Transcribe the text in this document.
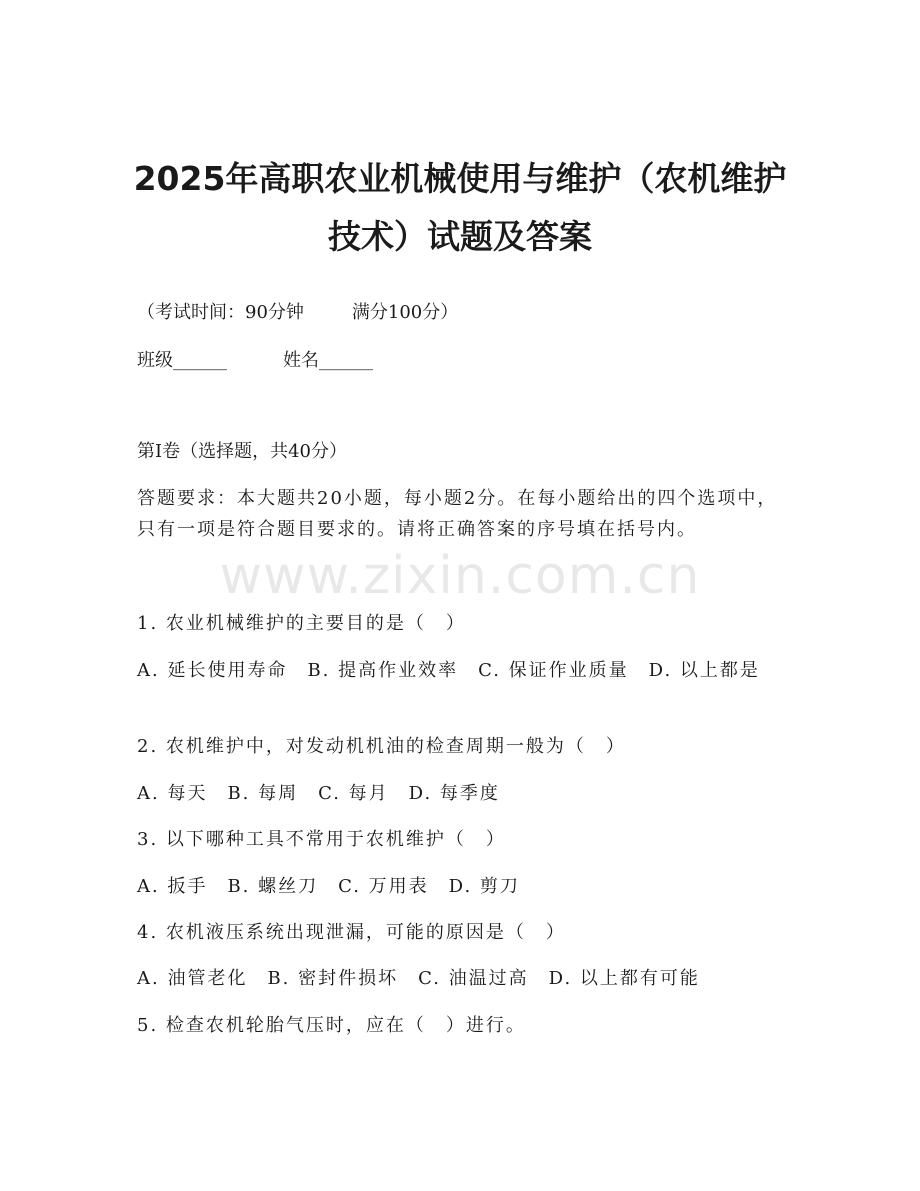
2025年高职农业机械使用与维护（农机维护
技术）试题及答案

（考试时间：90分钟	满分100分）

班级______	姓名______

第I卷（选择题，共40分）

答题要求：本大题共20小题，每小题2分。在每小题给出的四个选项中，只有一项是符合题目要求的。请将正确答案的序号填在括号内。

www.zixin.com.cn

1. 农业机械维护的主要目的是（　）

A. 延长使用寿命　B. 提高作业效率　C. 保证作业质量　D. 以上都是

2. 农机维护中，对发动机机油的检查周期一般为（　）

A. 每天　B. 每周　C. 每月　D. 每季度

3. 以下哪种工具不常用于农机维护（　）

A. 扳手　B. 螺丝刀　C. 万用表　D. 剪刀

4. 农机液压系统出现泄漏，可能的原因是（　）

A. 油管老化　B. 密封件损坏　C. 油温过高　D. 以上都有可能

5. 检查农机轮胎气压时，应在（　）进行。
